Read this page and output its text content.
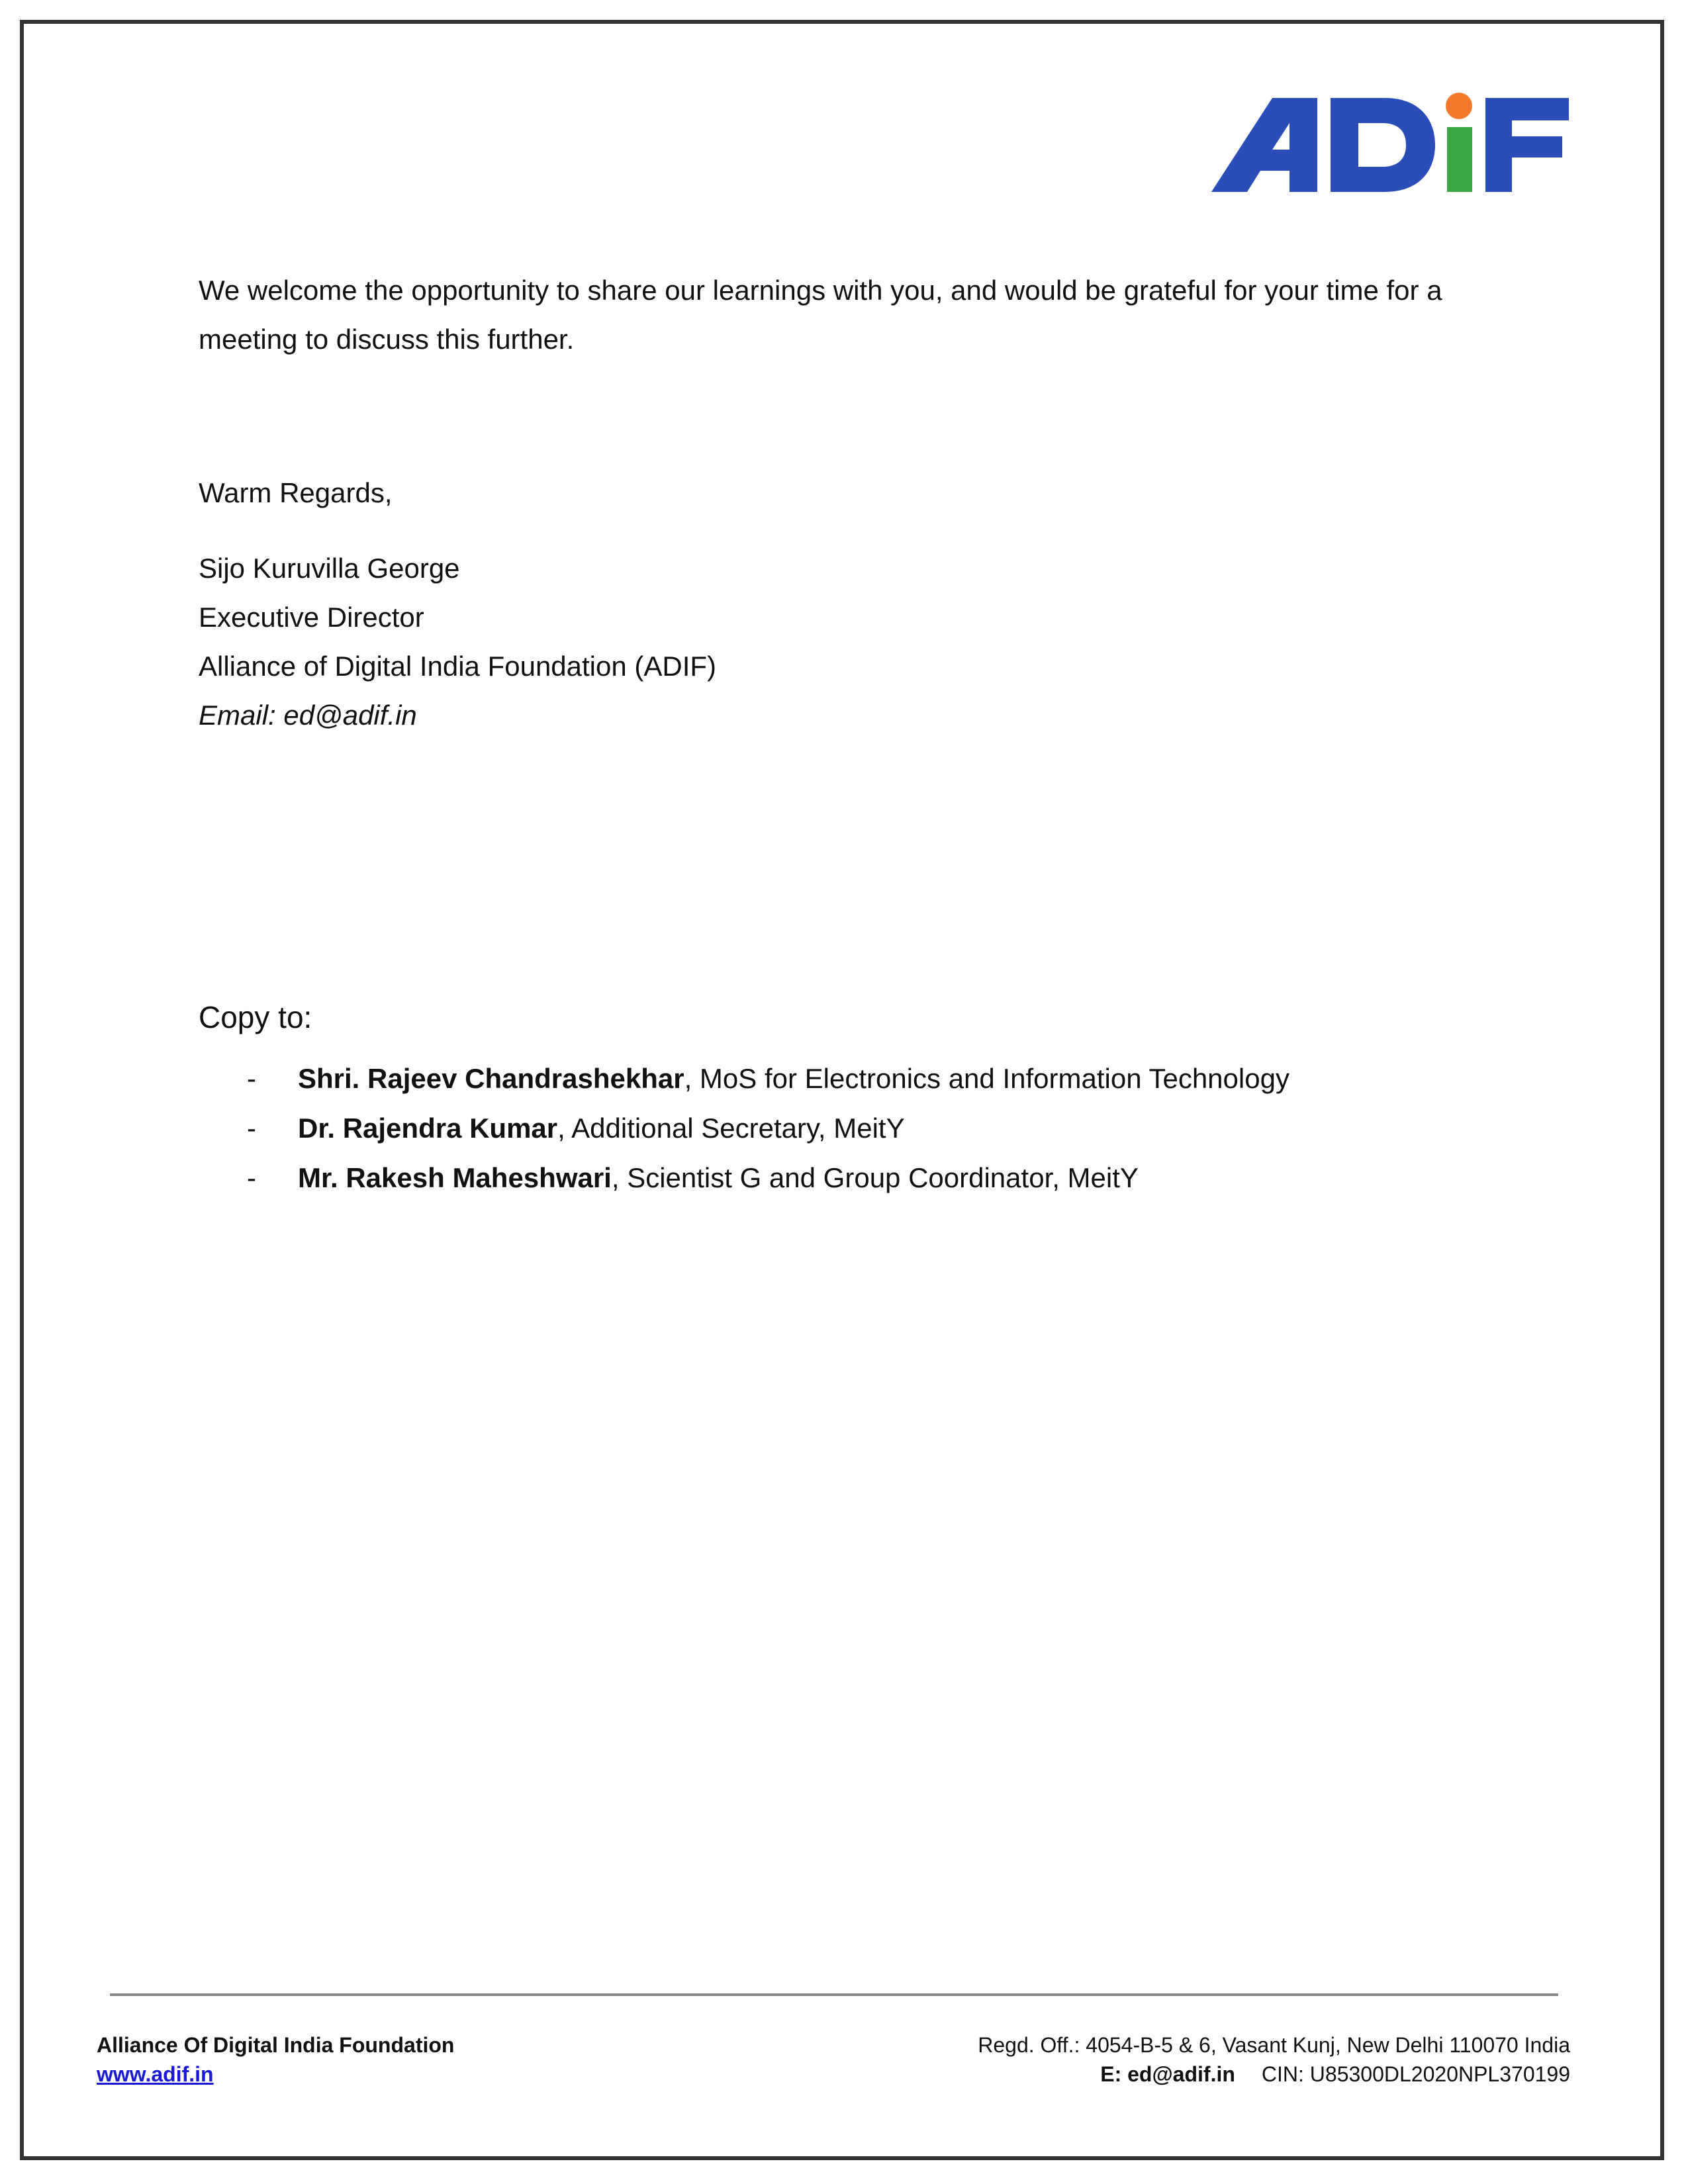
We welcome the opportunity to share our learnings with you, and would be grateful for your time for a meeting to discuss this further.
Warm Regards,
Sijo Kuruvilla George
Executive Director
Alliance of Digital India Foundation (ADIF)
Email: ed@adif.in
Copy to:
- Shri. Rajeev Chandrashekhar, MoS for Electronics and Information Technology
- Dr. Rajendra Kumar, Additional Secretary, MeitY
- Mr. Rakesh Maheshwari, Scientist G and Group Coordinator, MeitY
Alliance Of Digital India Foundation
www.adif.in
Regd. Off.: 4054-B-5 & 6, Vasant Kunj, New Delhi 110070 India
E: ed@adif.in CIN: U85300DL2020NPL370199
